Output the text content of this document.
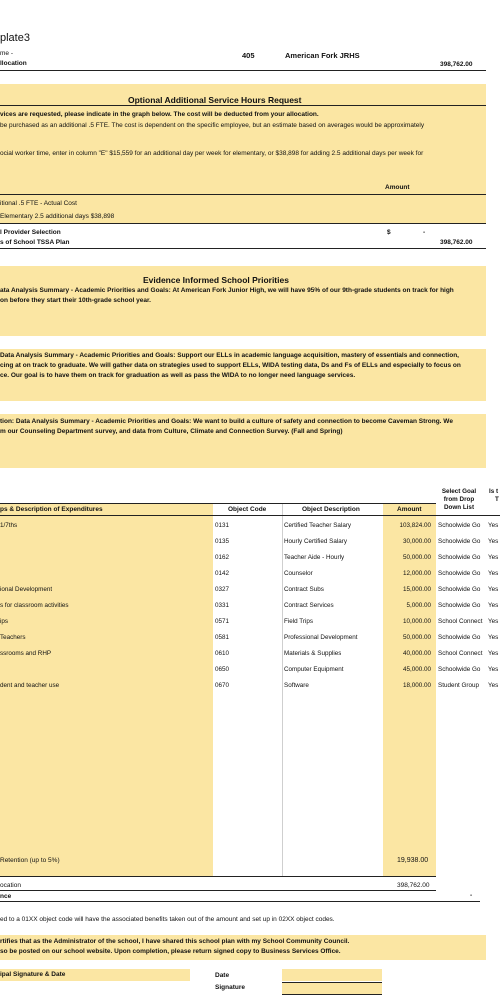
plate3
me -
llocation
405	American Fork JRHS
398,762.00
Optional Additional Service Hours Request
vices are requested, please indicate in the graph below. The cost will be deducted from your allocation.
be purchased as an additional .5 FTE. The cost is dependent on the specific employee, but an estimate based on averages would be approximately
ocial worker time, enter in column "E" $15,559 for an additional day per week for elementary, or $38,898 for adding 2.5 additional days per week for
Amount
itional .5 FTE - Actual Cost
Elementary 2.5 additional days $38,898
l Provider Selection	$	-
s of School TSSA Plan	398,762.00
Evidence Informed School Priorities
ata Analysis Summary - Academic Priorities and Goals: At American Fork Junior High, we will have 95% of our 9th-grade students on track for high
on before they start their 10th-grade school year.
Data Analysis Summary - Academic Priorities and Goals: Support our ELLs in academic language acquisition, mastery of essentials and connection,
cing at on track to graduate. We will gather data on strategies used to support ELLs, WIDA testing data, Ds and Fs of ELLs and especially to focus on
ce. Our goal is to have them on track for graduation as well as pass the WIDA to no longer need language services.
tion: Data Analysis Summary - Academic Priorities and Goals: We want to build a culture of safety and connection to become Caveman Strong. We
m our Counseling Department survey, and data from Culture, Climate and Connection Survey. (Fall and Spring)
Select Goal
from Drop
Down List
Is t
T
ps & Description of Expenditures	Object Code	Object Description	Amount
1/7ths	0131	Certified Teacher Salary	103,824.00 Schoolwide Go	Yes
0135	Hourly Certified Salary	30,000.00 Schoolwide Go	Yes
0162	Teacher Aide - Hourly	50,000.00 Schoolwide Go	Yes
0142	Counselor	12,000.00 Schoolwide Go	Yes
ional Development	0327	Contract Subs	15,000.00 Schoolwide Go	Yes
s for classroom activities	0331	Contract Services	5,000.00 Schoolwide Go	Yes
ips	0571	Field Trips	10,000.00 School Connect Yes
Teachers	0581	Professional Development	50,000.00 Schoolwide Go	Yes
ssrooms and RHP	0610	Materials & Supplies	40,000.00 School Connect Yes
0650	Computer Equipment	45,000.00 Schoolwide Go	Yes
dent and teacher use	0670	Software	18,000.00 Student Group	Yes
Retention (up to 5%)	19,938.00
ocation	398,762.00
nce	-
ed to a 01XX object code will have the associated benefits taken out of the amount and set up in 02XX object codes.
rtifies that as the Administrator of the school, I have shared this school plan with my School Community Council.
so be posted on our school website. Upon completion, please return signed copy to Business Services Office.
ipal Signature & Date	Date
Signature
